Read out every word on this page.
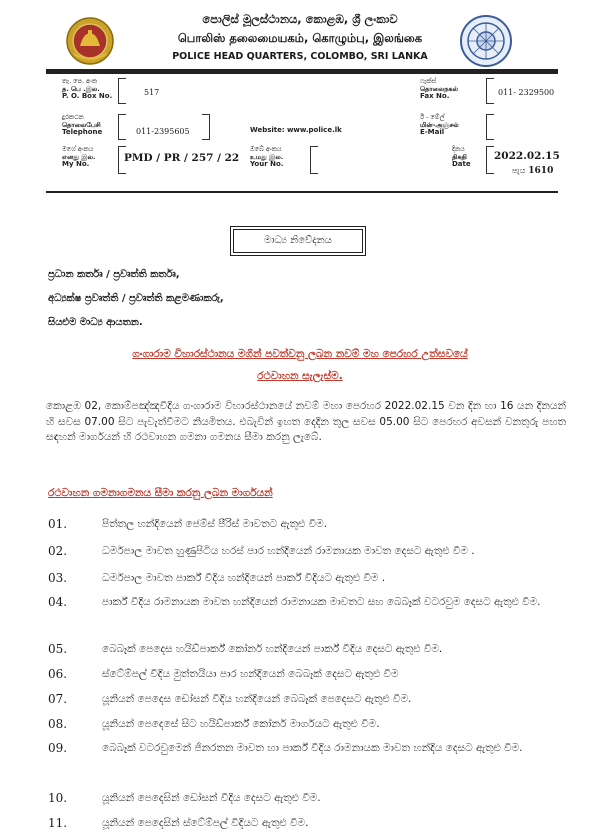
පොලිස් මූලස්ථානය, කොළඹ, ශ්‍රී ලංකාව
பொலிஸ் தலைமையகம், கொழும்பு, இலங்கை
POLICE HEAD QUARTERS, COLOMBO, SRI LANKA
තැ. පෙ. අංක

த. பெ .இல.
P. O. Box No.	517
ෆැක්ස්

தொலைநகல்
Fax No.	011- 2329500
දුරකථන

தொலைபேசி
Telephone	011-2395605	Website: www.police.lk
ඊ - මේල්

மின்-அஞ்சல்
E-Mail
මගේ අංකය

எனது இல.
My No.
PMD / PR / 257 / 22
ඔබේ අංකය

உமது இல.
Your No.
දිනය

திகதி
Date
2022.02.15
පැය 1610
මාධ්‍ය නිවේදනය
ප්‍රධාන කර්තෘ / ප්‍රවෘත්ති කර්තෘ,
අධ්‍යක්ෂ ප්‍රවෘත්ති / ප්‍රවෘත්ති කළමණාකරු,
සියළුම මාධ්‍ය ආයතන.
ගංගාරාම විහාරස්ථානය මගින් පවත්වනු ලබන නවම් මහ පෙරහර උත්සවයේ
රථවාහන සැලැස්ම.
කොළඹ 02, කොම්පඤ්ඤවීදිය ගංගාරාම විහාරස්ථානයේ නවම් මහා පෙරහර 2022.02.15 වන දින හා 16 යන දිනයන් හි සවස 07.00 සිට පැවැත්වීමට නියමිතය. එබැවින් ඉහත දෙදින තුල සවස 05.00 සිට පෙරහර අවසන් වනතුරු පහත සඳහන් මාර්ගයන් හි රථවාහන ගමනා ගමනය සීමා කරනු ලැබේ.
රථවාහන ගමනාගමනය සීමා කරනු ලබන මාර්ගයන්
01.	පිත්තල හන්දියෙන් ජෙම්ස් පීරිස් මාවතට ඇතුළු වීම.
02.	ධර්මපාල මාවත හුණුපිටිය හරස් පාර හන්දියෙන් රාමනායක මාවත දෙසට ඇතුළු වීම .
03.	ධර්මපාල මාවත පාර්ක් වීදිය හන්දියෙන් පාර්ක් වීදියට ඇතුළු වීම .
04.	පාර්ක් වීදිය රාමනායක මාවත හන්දියෙන් රාමනායක මාවතට සහ බෙබෑක් වටරවුම දෙසට ඇතුළු වීම.
05.	බෙබෑක් පෙදෙස හයිඩ්පාර්ක් කෝනර් හන්දියෙන් පාර්ක් වීදිය දෙසට ඇතුළු වීම.
06.	ස්ටේම්පල් වීදිය මුත්තයියා පාර හන්දියෙන් බෙබෑක් දෙසට ඇතුළු වීම
07.	යූනියන් පෙදෙස ඩෝසන් වීදිය හන්දියෙන් බෙබෑක් පෙදෙසට ඇතුළු වීම.
08.	යූනියන් පෙදෙසේ සිට හයිඩ්පාර්ක් කෝනර් මාර්ගයට ඇතුළු වීම.
09.	බෙබෑක් වටරවුමෙන් ජිනරතන මාවත හා පාර්ක් වීදිය රාමනායක මාවත හන්දිය දෙසට ඇතුළු වීම.
10.	යූනියන් පෙදෙසින් ඩෝසන් වීදිය දෙසට ඇතුළු වීම.
11.	යූනියන් පෙදෙසින් ස්ටේම්පල් වීදියට ඇතුළු වීම.
